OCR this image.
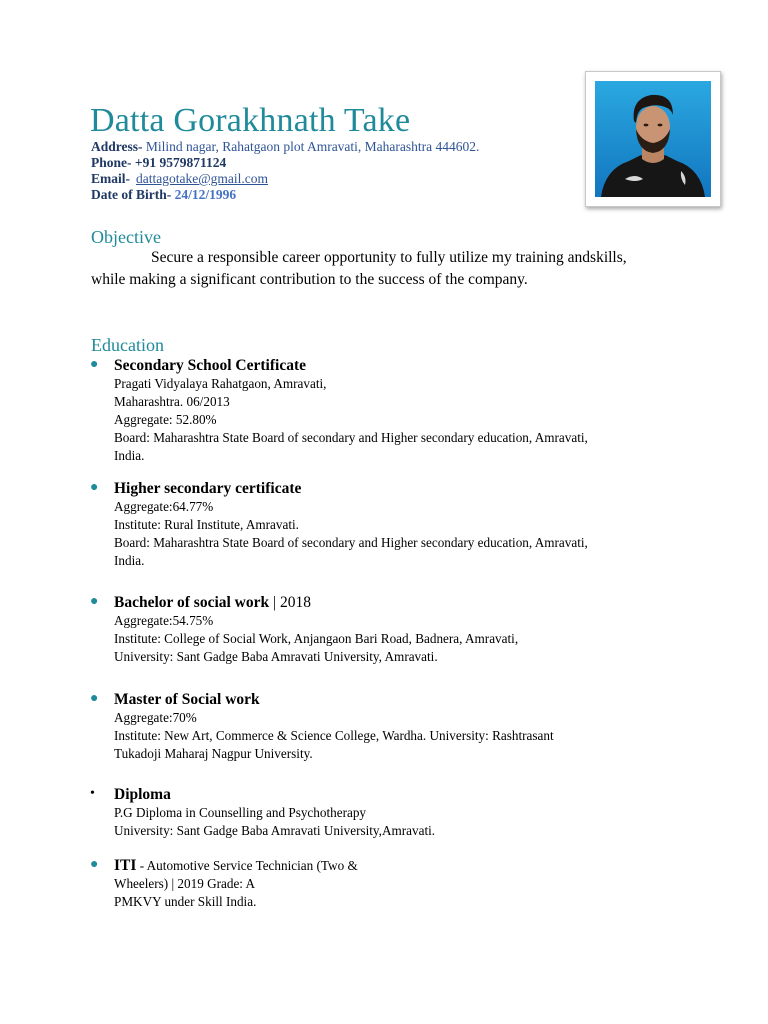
Datta Gorakhnath Take
Address- Milind nagar, Rahatgaon plot Amravati, Maharashtra 444602.
Phone- +91 9579871124
Email- dattagotake@gmail.com
Date of Birth- 24/12/1996
Objective

Secure a responsible career opportunity to fully utilize my training andskills, while making a significant contribution to the success of the company.

Education
● Secondary School Certificate
Pragati Vidyalaya Rahatgaon, Amravati,
Maharashtra. 06/2013
Aggregate: 52.80%
Board: Maharashtra State Board of secondary and Higher secondary education, Amravati,
India.
● Higher secondary certificate
Aggregate:64.77%
Institute: Rural Institute, Amravati.
Board: Maharashtra State Board of secondary and Higher secondary education, Amravati,
India.
● Bachelor of social work | 2018
Aggregate:54.75%
Institute: College of Social Work, Anjangaon Bari Road, Badnera, Amravati,
University: Sant Gadge Baba Amravati University, Amravati.
● Master of Social work
Aggregate:70%
Institute: New Art, Commerce & Science College, Wardha. University: Rashtrasant
Tukadoji Maharaj Nagpur University.
• Diploma
P.G Diploma in Counselling and Psychotherapy
University: Sant Gadge Baba Amravati University,Amravati.
● ITI - Automotive Service Technician (Two &
Wheelers) | 2019 Grade: A
PMKVY under Skill India.
